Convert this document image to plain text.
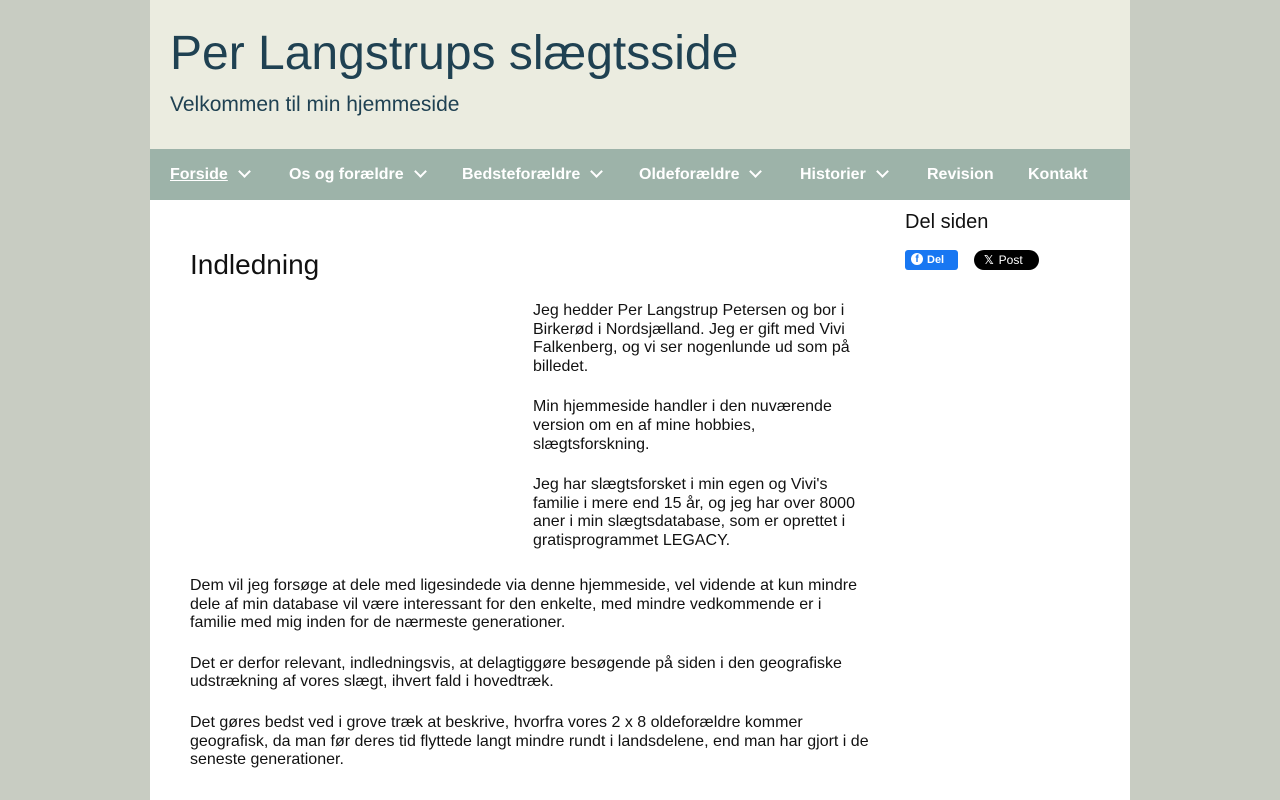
Per Langstrups slægtsside

Velkommen til min hjemmeside

Forside	Os og forældre	Bedsteforældre	Oldeforældre	Historier	Revision Kontakt
Indledning

Jeg hedder Per Langstrup Petersen og bor i Birkerød i Nordsjælland. Jeg er gift med Vivi Falkenberg, og vi ser nogenlunde ud som på billedet.

Min hjemmeside handler i den nuværende version om en af mine hobbies, slægtsforskning.

Jeg har slægtsforsket i min egen og Vivi's familie i mere end 15 år, og jeg har over 8000 aner i min slægtsdatabase, som er oprettet i gratisprogrammet LEGACY.

Dem vil jeg forsøge at dele med ligesindede via denne hjemmeside, vel vidende at kun mindre dele af min database vil være interessant for den enkelte, med mindre vedkommende er i familie med mig inden for de nærmeste generationer.

Det er derfor relevant, indledningsvis, at delagtiggøre besøgende på siden i den geografiske udstrækning af vores slægt, ihvert fald i hovedtræk.

Det gøres bedst ved i grove træk at beskrive, hvorfra vores 2 x 8 oldeforældre kommer geografisk, da man før deres tid flyttede langt mindre rundt i landsdelene, end man har gjort i de seneste generationer.

Del siden
f Del	𝕏 Post
